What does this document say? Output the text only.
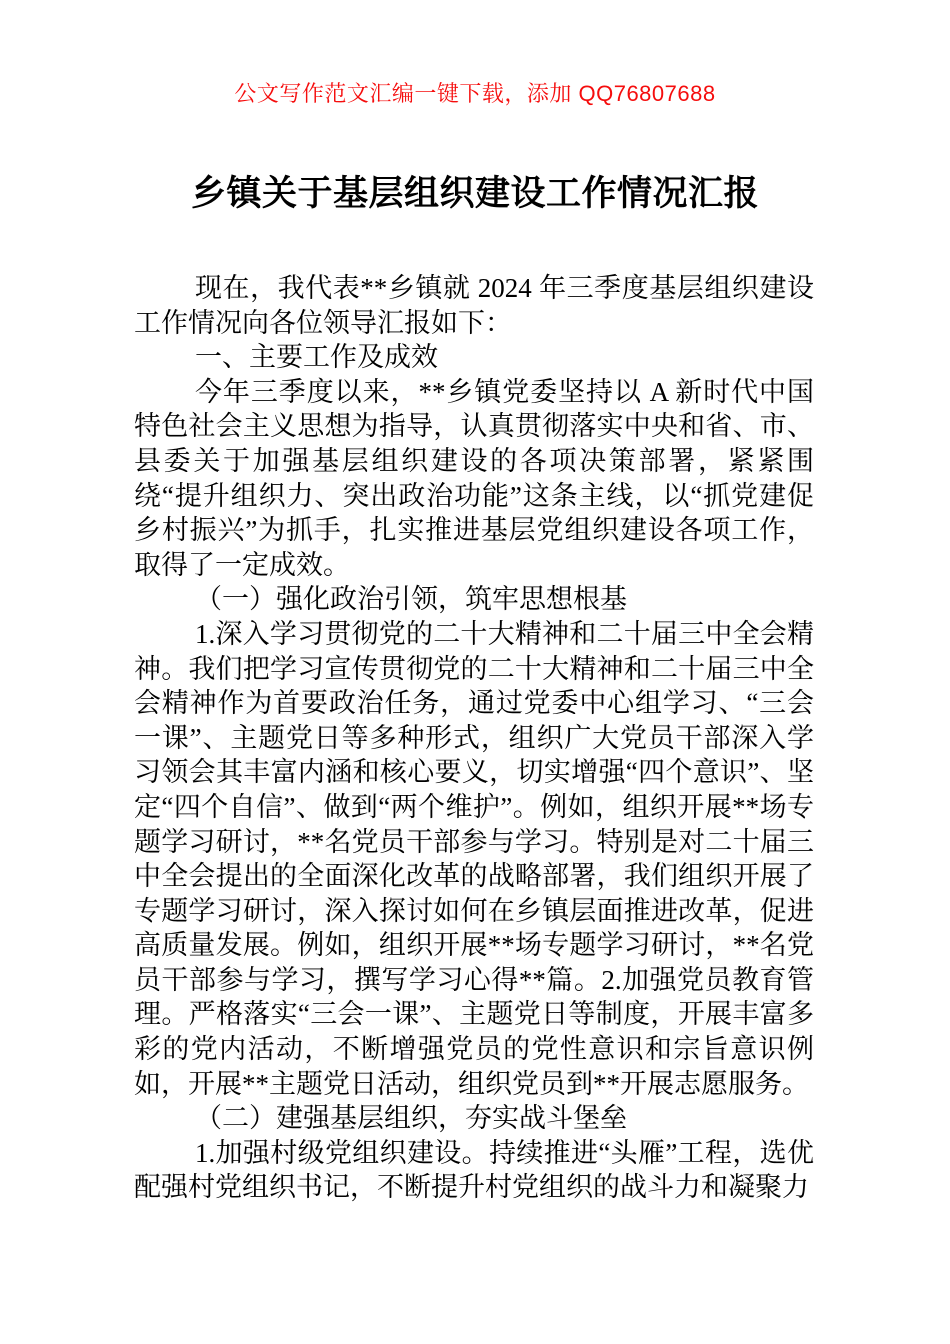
公文写作范文汇编一键下载，添加 QQ76807688
乡镇关于基层组织建设工作情况汇报

现在，我代表**乡镇就 2024 年三季度基层组织建设工作情况向各位领导汇报如下：

一、主要工作及成效

今年三季度以来，**乡镇党委坚持以 A 新时代中国特色社会主义思想为指导，认真贯彻落实中央和省、市、县委关于加强基层组织建设的各项决策部署，紧紧围绕“提升组织力、突出政治功能”这条主线，以“抓党建促乡村振兴”为抓手，扎实推进基层党组织建设各项工作，取得了一定成效。

（一）强化政治引领，筑牢思想根基

1.深入学习贯彻党的二十大精神和二十届三中全会精神。我们把学习宣传贯彻党的二十大精神和二十届三中全会精神作为首要政治任务，通过党委中心组学习、“三会一课”、主题党日等多种形式，组织广大党员干部深入学习领会其丰富内涵和核心要义，切实增强“四个意识”、坚定“四个自信”、做到“两个维护”。例如，组织开展**场专题学习研讨，**名党员干部参与学习。特别是对二十届三中全会提出的全面深化改革的战略部署，我们组织开展了专题学习研讨，深入探讨如何在乡镇层面推进改革，促进高质量发展。例如，组织开展**场专题学习研讨，**名党员干部参与学习，撰写学习心得**篇。2.加强党员教育管理。严格落实“三会一课”、主题党日等制度，开展丰富多彩的党内活动，不断增强党员的党性意识和宗旨意识例如，开展**主题党日活动，组织党员到**开展志愿服务。

（二）建强基层组织，夯实战斗堡垒

1.加强村级党组织建设。持续推进“头雁”工程，选优配强村党组织书记，不断提升村党组织的战斗力和凝聚力
